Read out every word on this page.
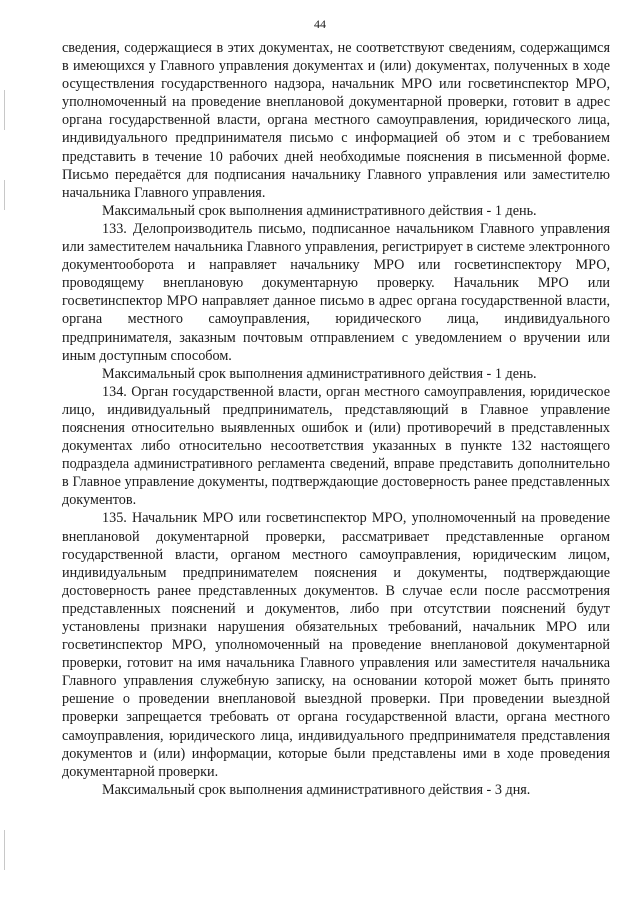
44

сведения, содержащиеся в этих документах, не соответствуют сведениям, содержащимся в имеющихся у Главного управления документах и (или) документах, полученных в ходе осуществления государственного надзора, начальник МРО или госветинспектор МРО, уполномоченный на проведение внеплановой документарной проверки, готовит в адрес органа государственной власти, органа местного самоуправления, юридического лица, индивидуального предпринимателя письмо с информацией об этом и с требованием представить в течение 10 рабочих дней необходимые пояснения в письменной форме. Письмо передаётся для подписания начальнику Главного управления или заместителю начальника Главного управления.

Максимальный срок выполнения административного действия - 1 день.

133. Делопроизводитель письмо, подписанное начальником Главного управления или заместителем начальника Главного управления, регистрирует в системе электронного документооборота и направляет начальнику МРО или госветинспектору МРО, проводящему внеплановую документарную проверку. Начальник МРО или госветинспектор МРО направляет данное письмо в адрес органа государственной власти, органа местного самоуправления, юридического лица, индивидуального предпринимателя, заказным почтовым отправлением с уведомлением о вручении или иным доступным способом.

Максимальный срок выполнения административного действия - 1 день.

134. Орган государственной власти, орган местного самоуправления, юридическое лицо, индивидуальный предприниматель, представляющий в Главное управление пояснения относительно выявленных ошибок и (или) противоречий в представленных документах либо относительно несоответствия указанных в пункте 132 настоящего подраздела административного регламента сведений, вправе представить дополнительно в Главное управление документы, подтверждающие достоверность ранее представленных документов.

135. Начальник МРО или госветинспектор МРО, уполномоченный на проведение внеплановой документарной проверки, рассматривает представленные органом государственной власти, органом местного самоуправления, юридическим лицом, индивидуальным предпринимателем пояснения и документы, подтверждающие достоверность ранее представленных документов. В случае если после рассмотрения представленных пояснений и документов, либо при отсутствии пояснений будут установлены признаки нарушения обязательных требований, начальник МРО или госветинспектор МРО, уполномоченный на проведение внеплановой документарной проверки, готовит на имя начальника Главного управления или заместителя начальника Главного управления служебную записку, на основании которой может быть принято решение о проведении внеплановой выездной проверки. При проведении выездной проверки запрещается требовать от органа государственной власти, органа местного самоуправления, юридического лица, индивидуального предпринимателя представления документов и (или) информации, которые были представлены ими в ходе проведения документарной проверки.

Максимальный срок выполнения административного действия - 3 дня.
